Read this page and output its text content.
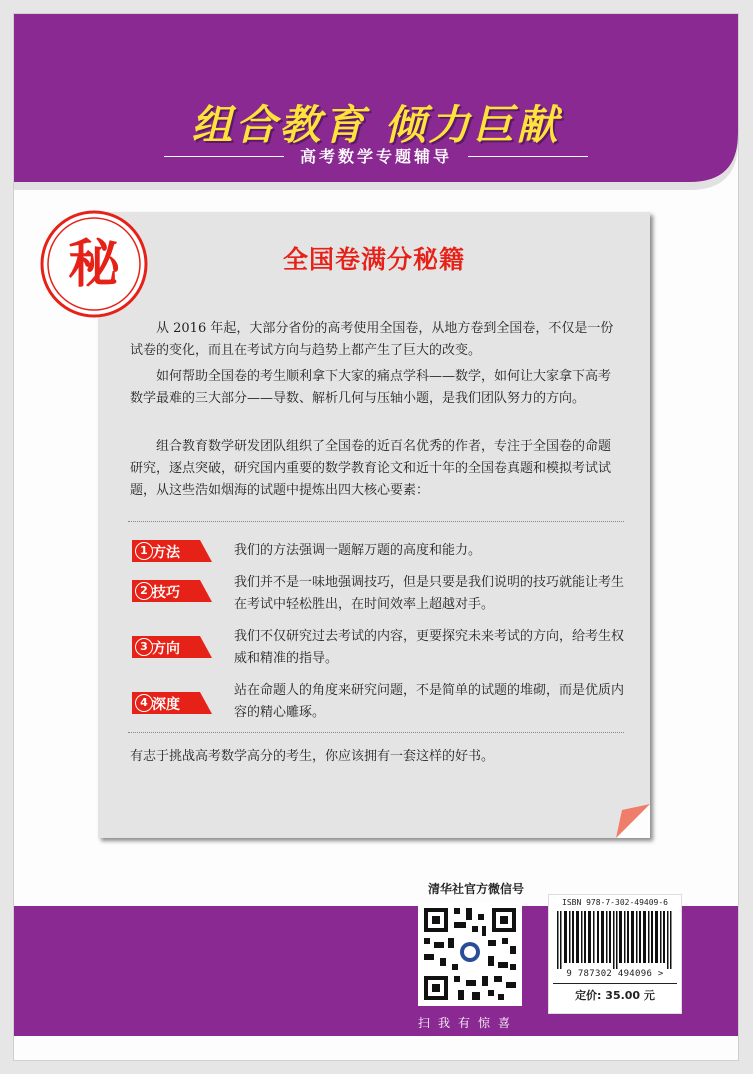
组合教育 倾力巨献
高考数学专题辅导
秘	全国卷满分秘籍
从 2016 年起，大部分省份的高考使用全国卷，从地方卷到全国卷，不仅是一份试卷的变化，而且在考试方向与趋势上都产生了巨大的改变。
如何帮助全国卷的考生顺利拿下大家的痛点学科——数学，如何让大家拿下高考数学最难的三大部分——导数、解析几何与压轴小题，是我们团队努力的方向。
组合教育数学研发团队组织了全国卷的近百名优秀的作者，专注于全国卷的命题研究，逐点突破，研究国内重要的数学教育论文和近十年的全国卷真题和模拟考试试题，从这些浩如烟海的试题中提炼出四大核心要素：
1 方法	我们的方法强调一题解万题的高度和能力。
2 技巧
我们并不是一味地强调技巧，但是只要是我们说明的技巧就能让考生在考试中轻松胜出，在时间效率上超越对手。
3 方向
我们不仅研究过去考试的内容，更要探究未来考试的方向，给考生权威和精准的指导。
4 深度
站在命题人的角度来研究问题，不是简单的试题的堆砌，而是优质内容的精心雕琢。
有志于挑战高考数学高分的考生，你应该拥有一套这样的好书。
清华社官方微信号
扫我有惊喜
ISBN 978-7-302-49409-6
9 787302 494096 >
定价: 35.00 元
